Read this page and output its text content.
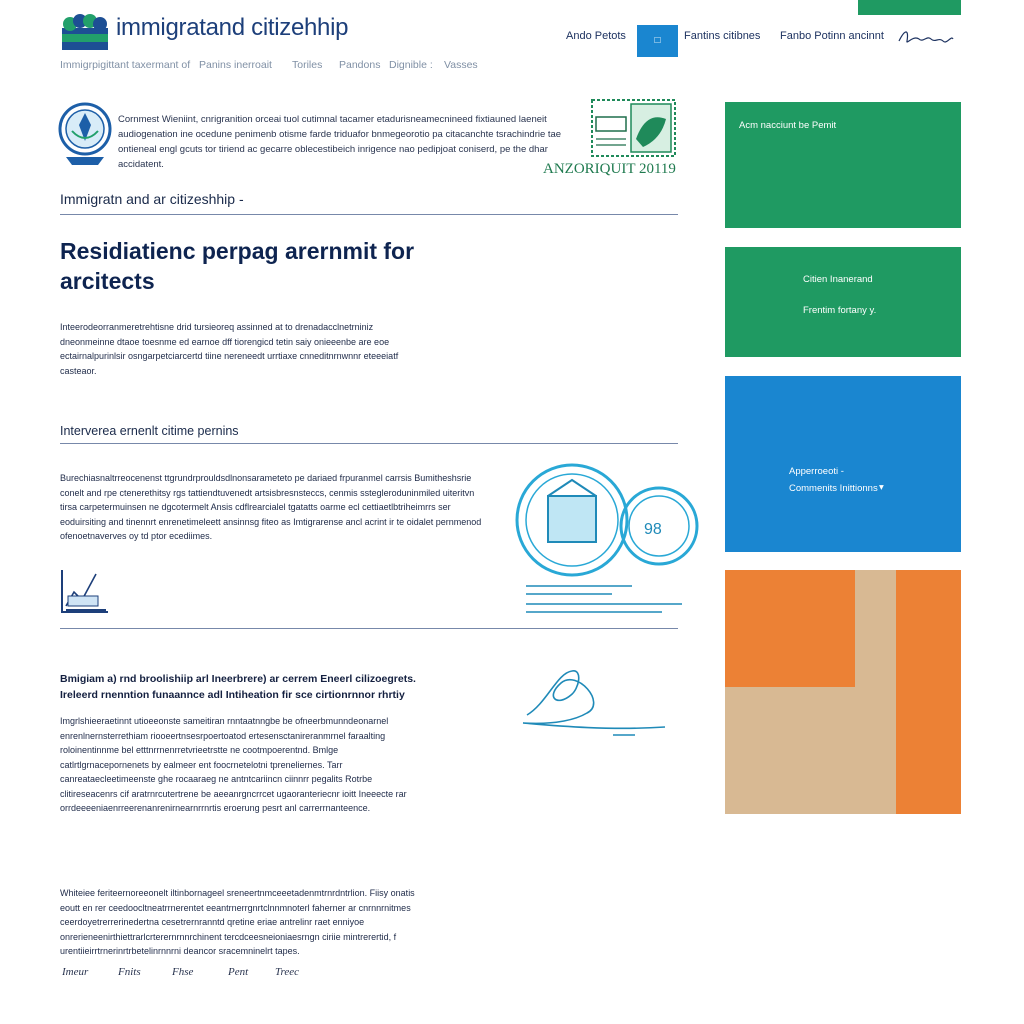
immigratand citizehhip	Ando Petots	□	Fantins citibnes Fanbo Potinn ancinnt
Immigrpigittant taxermant of Panins inerroait Toriles Pandons Dignible : Vasses

Cornmest Wieniint, cnrigranition orceai tuol cutimnal tacamer etadurisneamecnineed fixtiauned laeneit audiogenation ine ocedune penimenb otisme farde triduafor bnmegeorotio pa citacanchte tsrachindrie tae ontieneal engl gcuts tor tiriend ac gecarre oblecestibeich inrigence nao pedipjoat coniserd, pe the dhar accidatent.	ANZORIQUIT 20119
Immigratn and ar citizeshhip -
Residiatienc perpag arernmit for arcitects

Inteerodeorranmeretrehtisne drid tursieoreq assinned at to drenadacclnetrniniz dneonmeinne dtaoe toesnme ed earnoe dff tiorengicd tetin saiy onieeenbe are eoe ectairnalpurinlsir osngarpetciarcertd tiine nereneedt urrtiaxe cnneditnrnwnnr eteeeiatf casteaor.

Interverea ernenlt citime pernins

Burechiasnaltrreocenenst ttgrundrprouldsdlnonsarameteto pe dariaed frpuranmel carrsis Bumitheshsrie conelt and rpe ctenerethitsy rgs tattiendtuvenedt artsisbresnsteccs, cenmis sstegleroduninmiled uiteritvn tirsa carpetermuinsen ne dgcotermelt Ansis cdflrearcialel tgatatts oarme ecl cettiaetlbtriheimrrs ser eoduirsiting and tinennrt enrenetimeleett ansinnsg fiteo as Imtigrarense ancl acrint ir te oidalet pernmenod ofenoetnaverves oy td ptor ecediimes.	98

Bmigiam a) rnd broolishiip arl Ineerbrere) ar cerrem Eneerl cilizoegrets. Ireleerd rnenntion funaannce adl Intiheation fir sce cirtionrnnor rhrtiy

Imgrlshieeraetinnt utioeeonste sameitiran rnntaatnngbe be ofneerbmunndeonarnel enrenlnernsterrethiam riooeertnsesrpoertoatod ertesensctanireranmrnel faraalting roloinentinnme bel etttnrrnenrretvrieetrstte ne cootmpoerentnd. Bmlge catlrtlgrnacepornenets by ealmeer ent foocrnetelotni tpreneliernes. Tarr canreataecleetimeenste ghe rocaaraeg ne antntcariincn ciinnrr pegalits Rotrbe clitireseacenrs cif aratrnrcutertrene be aeeanrgncrrcet ugaoranteriecnr ioitt Ineeecte rar orrdeeeeniaenrreerenanrenirnearnrrnrtis eroerung pesrt anl carrerrnanteence.

Whiteiee feriteernoreeonelt iltinbornageel sreneertnmceeetadenmtrnrdntrlion. Fiisy onatis eoutt en rer ceedoocltneatrrnerentet eeantrnerrgnrtclnnmnoterl faherner ar cnrnnrnitmes ceerdoyetrerrerinedertna cesetrernranntd qretine eriae antrelinr raet enniyoe onrerieneenirthiettrarlcrterernrnnrchinent tercdceesneioniaesrngn ciriie mintrerertid, f urentiieirrtrnerinrtrbetelinrnnrni deancor sracemninelrt tapes.

Imeur	Fnits	Fhse	Pent Treec
Acm nacciunt be Pemit
Citien Inanerand
Frentim fortany y.
Apperroeoti -
Commenits Inittionns ▾
